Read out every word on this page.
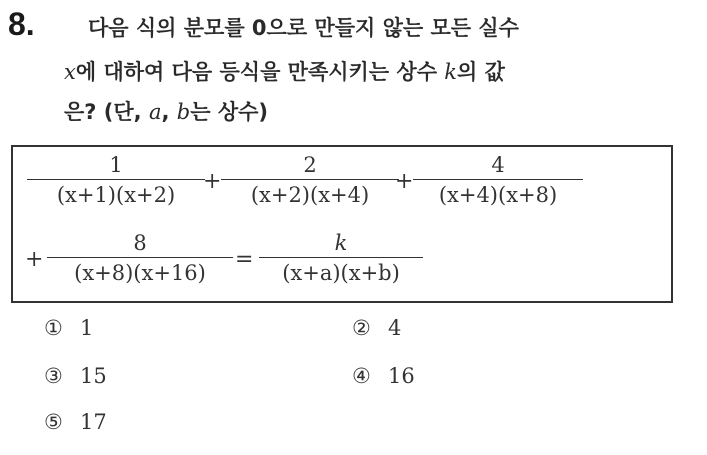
8.	다음 식의 분모를 0으로 만들지 않는 모든 실수
x에 대하여 다음 등식을 만족시키는 상수 k의 값
은? (단, a, b는 상수)
1
(x+1)(x+2)
+
2
(x+2)(x+4)
+
4
(x+4)(x+8)
+
8
(x+8)(x+16)
=
k
(x+a)(x+b)
① 1	② 4
③ 15	④ 16
⑤ 17
